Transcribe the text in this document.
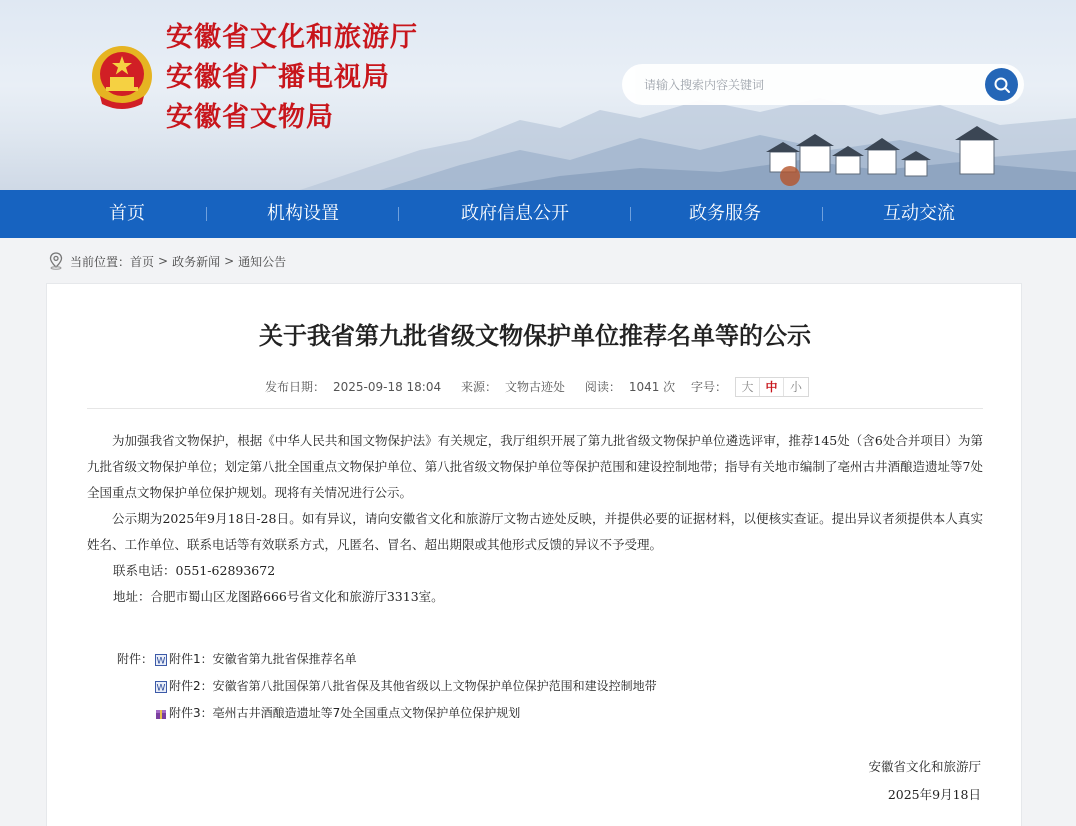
安徽省文化和旅游厅
安徽省广播电视局
安徽省文物局
请输入搜索内容关键词
首页	机构设置	政府信息公开	政务服务	互动交流
当前位置： 首页 > 政务新闻 > 通知公告
关于我省第九批省级文物保护单位推荐名单等的公示
发布日期： 2025-09-18 18:04 来源： 文物古迹处 阅读： 1041 次 字号：	大 中	小

为加强我省文物保护，根据《中华人民共和国文物保护法》有关规定，我厅组织开展了第九批省级文物保护单位遴选评审，推荐145处（含6处合并项目）为第九批省级文物保护单位；划定第八批全国重点文物保护单位、第八批省级文物保护单位等保护范围和建设控制地带；指导有关地市编制了亳州古井酒酿造遗址等7处全国重点文物保护单位保护规划。现将有关情况进行公示。

公示期为2025年9月18日-28日。如有异议，请向安徽省文化和旅游厅文物古迹处反映，并提供必要的证据材料，以便核实查证。提出异议者须提供本人真实姓名、工作单位、联系电话等有效联系方式，凡匿名、冒名、超出期限或其他形式反馈的异议不予受理。

联系电话：0551-62893672
地址：合肥市蜀山区龙图路666号省文化和旅游厅3313室。
附件： W 附件1：安徽省第九批省保推荐名单
W 附件2：安徽省第八批国保第八批省保及其他省级以上文物保护单位保护范围和建设控制地带
附件3：亳州古井酒酿造遗址等7处全国重点文物保护单位保护规划
安徽省文化和旅游厅
2025年9月18日
